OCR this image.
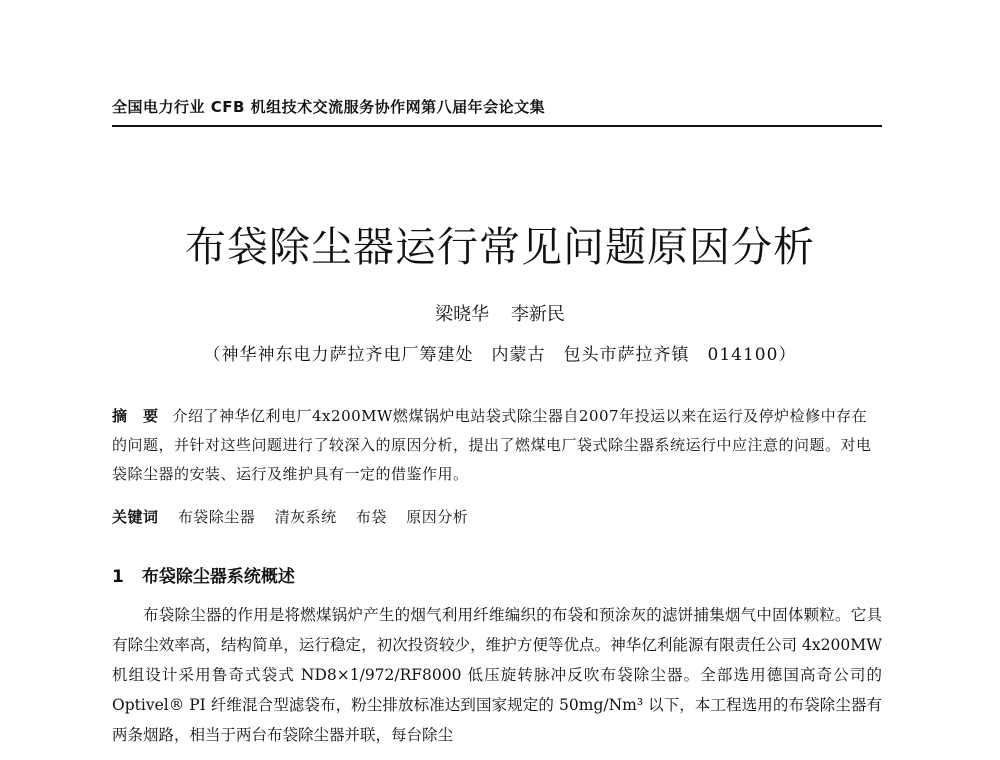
全国电力行业 CFB 机组技术交流服务协作网第八届年会论文集
布袋除尘器运行常见问题原因分析
梁晓华 李新民
（神华神东电力萨拉齐电厂筹建处　内蒙古　包头市萨拉齐镇　014100）
摘　要 介绍了神华亿利电厂4x200MW燃煤锅炉电站袋式除尘器自2007年投运以来在运行及停炉检修中存在的问题，并针对这些问题进行了较深入的原因分析，提出了燃煤电厂袋式除尘器系统运行中应注意的问题。对电袋除尘器的安装、运行及维护具有一定的借鉴作用。
关键词 布袋除尘器 清灰系统 布袋 原因分析
1 布袋除尘器系统概述
布袋除尘器的作用是将燃煤锅炉产生的烟气利用纤维编织的布袋和预涂灰的滤饼捕集烟气中固体颗粒。它具有除尘效率高，结构简单，运行稳定，初次投资较少，维护方便等优点。神华亿利能源有限责任公司 4x200MW 机组设计采用鲁奇式袋式 ND8×1/972/RF8000 低压旋转脉冲反吹布袋除尘器。全部选用德国高奇公司的 Optivel® PI 纤维混合型滤袋布，粉尘排放标准达到国家规定的 50mg/Nm³ 以下，本工程选用的布袋除尘器有两条烟路，相当于两台布袋除尘器并联，每台除尘
